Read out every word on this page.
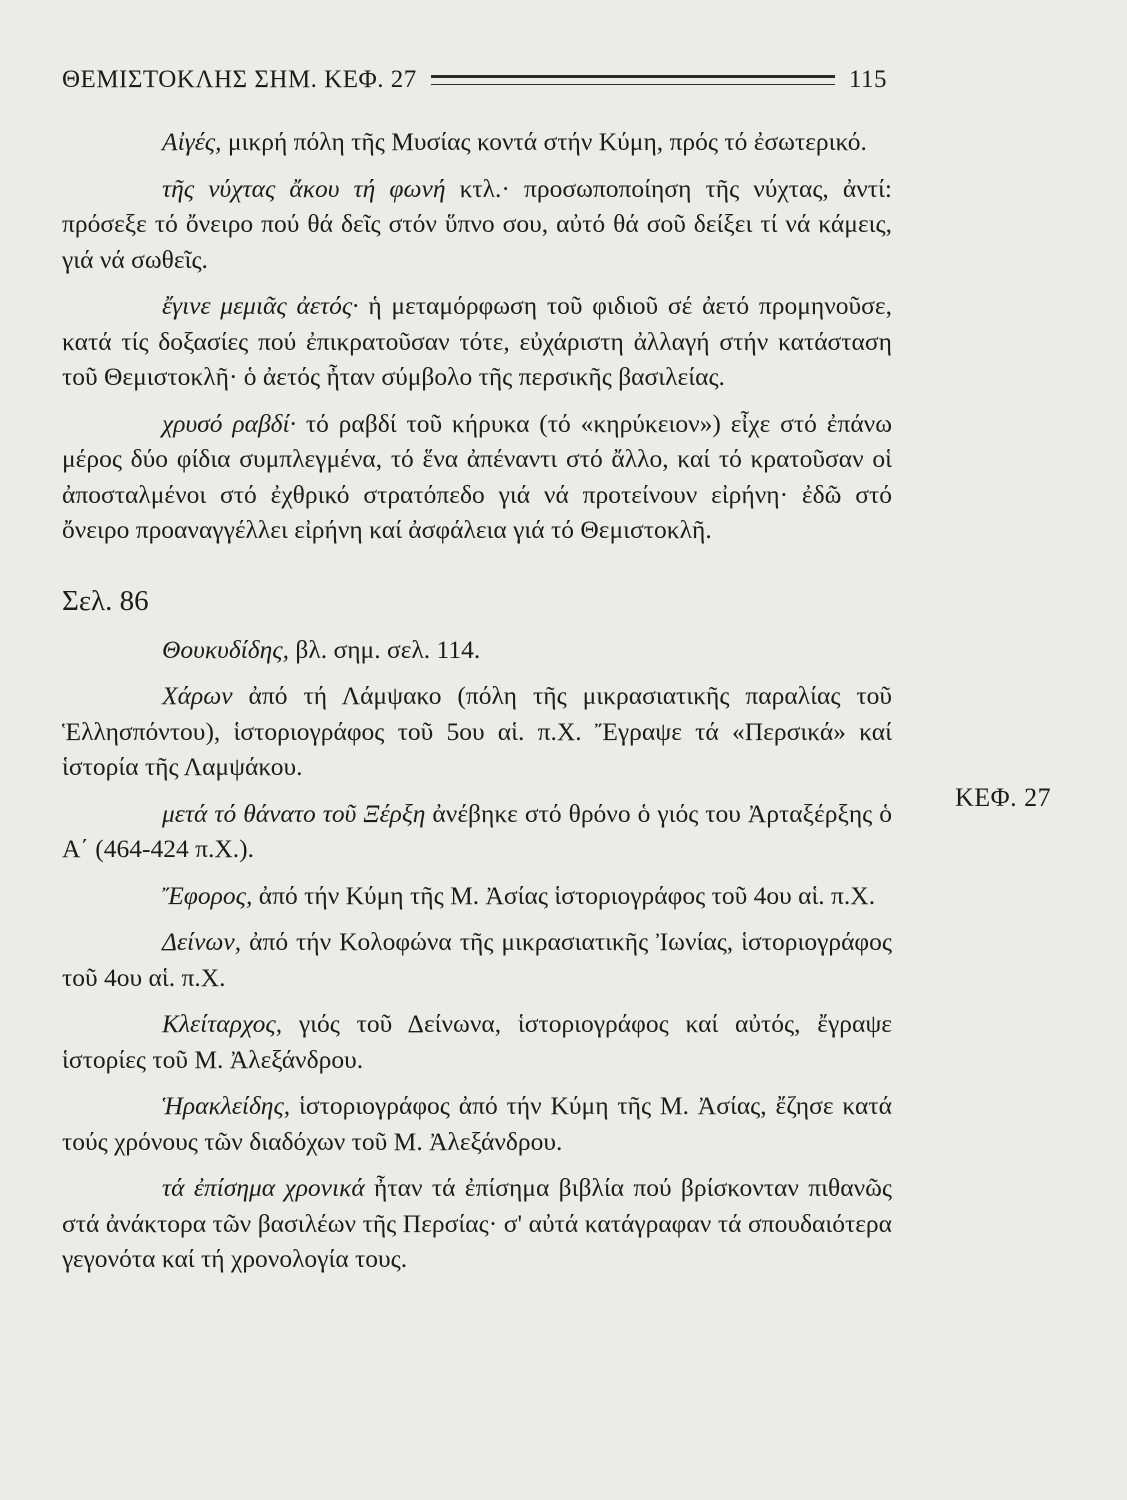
ΘΕΜΙΣΤΟΚΛΗΣ ΣΗΜ. ΚΕΦ. 27	115

Αἰγές, μικρή πόλη τῆς Μυσίας κοντά στήν Κύμη, πρός τό ἐσωτερικό.

τῆς νύχτας ἄκου τή φωνή κτλ.· προσωποποίηση τῆς νύχτας, ἀντί: πρόσεξε τό ὄνειρο πού θά δεῖς στόν ὕπνο σου, αὐτό θά σοῦ δείξει τί νά κάμεις, γιά νά σωθεῖς.

ἔγινε μεμιᾶς ἀετός· ἡ μεταμόρφωση τοῦ φιδιοῦ σέ ἀετό προμηνοῦσε, κατά τίς δοξασίες πού ἐπικρατοῦσαν τότε, εὐχάριστη ἀλλαγή στήν κατάσταση τοῦ Θεμιστοκλῆ· ὁ ἀετός ἦταν σύμβολο τῆς περσικῆς βασιλείας.

χρυσό ραβδί· τό ραβδί τοῦ κήρυκα (τό «κηρύκειον») εἶχε στό ἐπάνω μέρος δύο φίδια συμπλεγμένα, τό ἕνα ἀπέναντι στό ἄλλο, καί τό κρατοῦσαν οἱ ἀποσταλμένοι στό ἐχθρικό στρατόπεδο γιά νά προτείνουν εἰρήνη· ἐδῶ στό ὄνειρο προαναγγέλλει εἰρήνη καί ἀσφάλεια γιά τό Θεμιστοκλῆ.

Σελ. 86

Θουκυδίδης, βλ. σημ. σελ. 114.

Χάρων ἀπό τή Λάμψακο (πόλη τῆς μικρασιατικῆς παραλίας τοῦ Ἑλλησπόντου), ἱστοριογράφος τοῦ 5ου αἱ. π.Χ. Ἔγραψε τά «Περσικά» καί ἱστορία τῆς Λαμψάκου.

μετά τό θάνατο τοῦ Ξέρξη ἀνέβηκε στό θρόνο ὁ γιός του Ἀρταξέρξης ὁ Α΄ (464-424 π.Χ.).

Ἔφορος, ἀπό τήν Κύμη τῆς Μ. Ἀσίας ἱστοριογράφος τοῦ 4ου αἱ. π.Χ.

Δείνων, ἀπό τήν Κολοφώνα τῆς μικρασιατικῆς Ἰωνίας, ἱστοριογράφος τοῦ 4ου αἱ. π.Χ.

Κλείταρχος, γιός τοῦ Δείνωνα, ἱστοριογράφος καί αὐτός, ἔγραψε ἱστορίες τοῦ Μ. Ἀλεξάνδρου.

Ἡρακλείδης, ἱστοριογράφος ἀπό τήν Κύμη τῆς Μ. Ἀσίας, ἔζησε κατά τούς χρόνους τῶν διαδόχων τοῦ Μ. Ἀλεξάνδρου.

τά ἐπίσημα χρονικά ἦταν τά ἐπίσημα βιβλία πού βρίσκονταν πιθανῶς στά ἀνάκτορα τῶν βασιλέων τῆς Περσίας· σ' αὐτά κατάγραφαν τά σπουδαιότερα γεγονότα καί τή χρονολογία τους.

ΚΕΦ. 27
